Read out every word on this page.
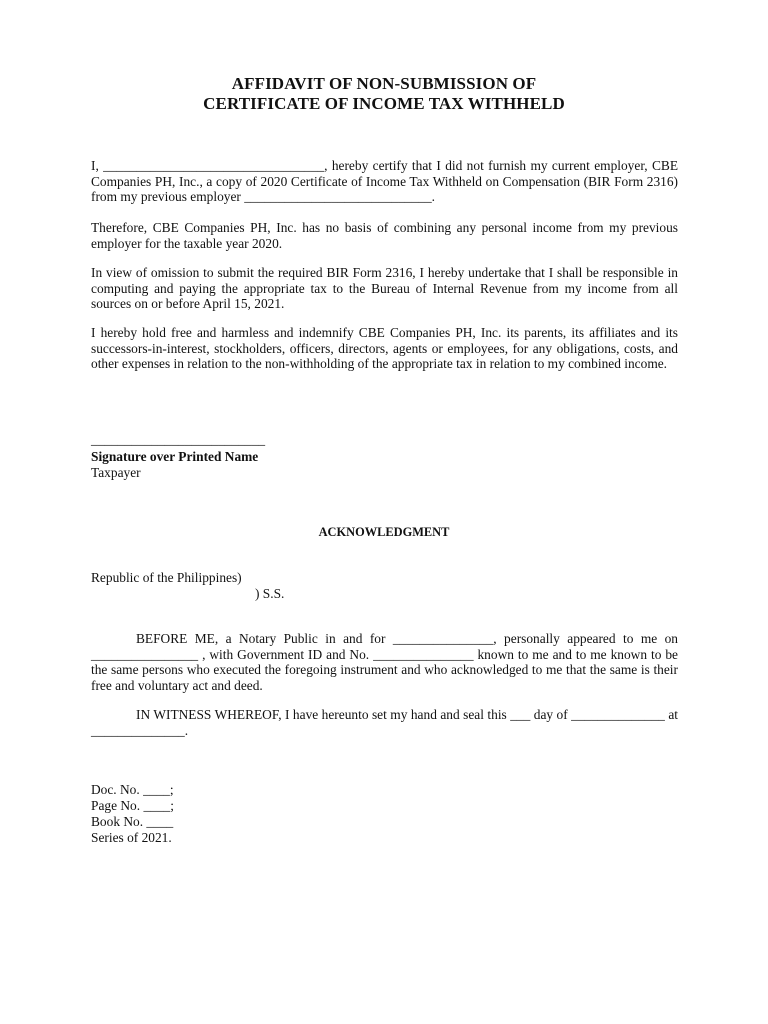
AFFIDAVIT OF NON-SUBMISSION OF
CERTIFICATE OF INCOME TAX WITHHELD
I, _________________________________, hereby certify that I did not furnish my current employer, CBE Companies PH, Inc., a copy of 2020 Certificate of Income Tax Withheld on Compensation (BIR Form 2316) from my previous employer ____________________________.
Therefore, CBE Companies PH, Inc. has no basis of combining any personal income from my previous employer for the taxable year 2020.
In view of omission to submit the required BIR Form 2316, I hereby undertake that I shall be responsible in computing and paying the appropriate tax to the Bureau of Internal Revenue from my income from all sources on or before April 15, 2021.
I hereby hold free and harmless and indemnify CBE Companies PH, Inc. its parents, its affiliates and its successors-in-interest, stockholders, officers, directors, agents or employees, for any obligations, costs, and other expenses in relation to the non-withholding of the appropriate tax in relation to my combined income.
__________________________
Signature over Printed Name
Taxpayer
ACKNOWLEDGMENT
Republic of the Philippines)
) S.S.
BEFORE ME, a Notary Public in and for _______________, personally appeared to me on ________________ , with Government ID and No. _______________ known to me and to me known to be the same persons who executed the foregoing instrument and who acknowledged to me that the same is their free and voluntary act and deed.
IN WITNESS WHEREOF, I have hereunto set my hand and seal this ___ day of ______________ at ______________.
Doc. No. ____;
Page No. ____;
Book No. ____
Series of 2021.
